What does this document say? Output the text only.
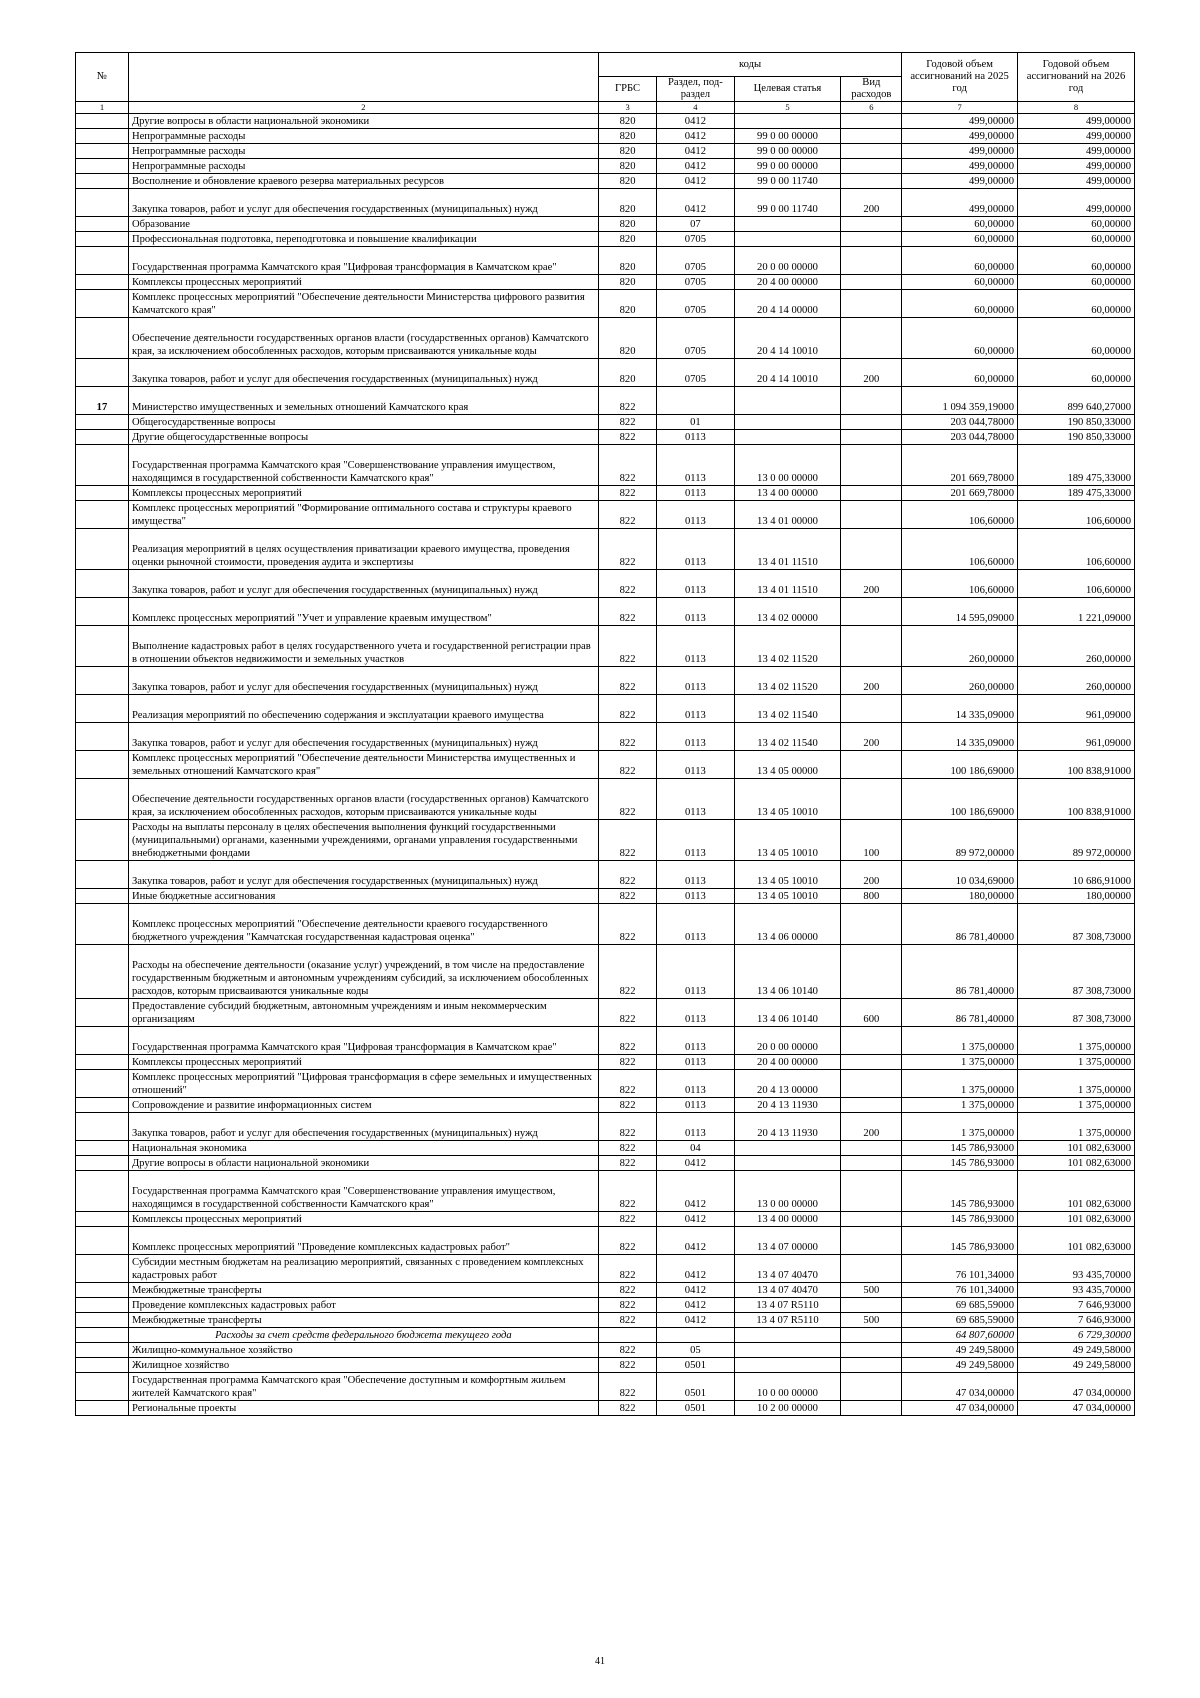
№		коды				Годовой объем ассигнований на 2025 год	Годовой объем ассигнований на 2026 год
		ГРБС	Раздел, под- раздел	Целевая статья	Вид расходов		
1	2	3	4	5	6	7	8
	Другие вопросы в области национальной экономики	820	0412			499,00000	499,00000
	Непрограммные расходы	820	0412	99 0 00 00000		499,00000	499,00000
	Непрограммные расходы	820	0412	99 0 00 00000		499,00000	499,00000
	Непрограммные расходы	820	0412	99 0 00 00000		499,00000	499,00000
	Восполнение и обновление краевого резерва материальных ресурсов	820	0412	99 0 00 11740		499,00000	499,00000
	Закупка товаров, работ и услуг для обеспечения государственных (муниципальных) нужд	820	0412	99 0 00 11740	200	499,00000	499,00000
	Образование	820	07			60,00000	60,00000
	Профессиональная подготовка, переподготовка и повышение квалификации	820	0705			60,00000	60,00000
	Государственная программа Камчатского края "Цифровая трансформация в Камчатском крае"	820	0705	20 0 00 00000		60,00000	60,00000
	Комплексы процессных мероприятий	820	0705	20 4 00 00000		60,00000	60,00000
	Комплекс процессных мероприятий "Обеспечение деятельности Министерства цифрового развития Камчатского края"	820	0705	20 4 14 00000		60,00000	60,00000
	Обеспечение деятельности государственных органов власти (государственных органов) Камчатского края, за исключением обособленных расходов, которым присваиваются уникальные коды	820	0705	20 4 14 10010		60,00000	60,00000
	Закупка товаров, работ и услуг для обеспечения государственных (муниципальных) нужд	820	0705	20 4 14 10010	200	60,00000	60,00000
17	Министерство имущественных и земельных отношений Камчатского края	822				1 094 359,19000	899 640,27000
	Общегосударственные вопросы	822	01			203 044,78000	190 850,33000
	Другие общегосударственные вопросы	822	0113			203 044,78000	190 850,33000
	Государственная программа Камчатского края "Совершенствование управления имуществом, находящимся в государственной собственности Камчатского края"	822	0113	13 0 00 00000		201 669,78000	189 475,33000
	Комплексы процессных мероприятий	822	0113	13 4 00 00000		201 669,78000	189 475,33000
	Комплекс процессных мероприятий "Формирование оптимального состава и структуры краевого имущества"	822	0113	13 4 01 00000		106,60000	106,60000
	Реализация мероприятий в целях осуществления приватизации краевого имущества, проведения оценки рыночной стоимости, проведения аудита и экспертизы	822	0113	13 4 01 11510		106,60000	106,60000
	Закупка товаров, работ и услуг для обеспечения государственных (муниципальных) нужд	822	0113	13 4 01 11510	200	106,60000	106,60000
	Комплекс процессных мероприятий "Учет и управление краевым имуществом"	822	0113	13 4 02 00000		14 595,09000	1 221,09000
	Выполнение кадастровых работ в целях государственного учета и государственной регистрации прав в отношении объектов недвижимости и земельных участков	822	0113	13 4 02 11520		260,00000	260,00000
	Закупка товаров, работ и услуг для обеспечения государственных (муниципальных) нужд	822	0113	13 4 02 11520	200	260,00000	260,00000
	Реализация мероприятий по обеспечению содержания и эксплуатации краевого имущества	822	0113	13 4 02 11540		14 335,09000	961,09000
	Закупка товаров, работ и услуг для обеспечения государственных (муниципальных) нужд	822	0113	13 4 02 11540	200	14 335,09000	961,09000
	Комплекс процессных мероприятий "Обеспечение деятельности Министерства имущественных и земельных отношений Камчатского края"	822	0113	13 4 05 00000		100 186,69000	100 838,91000
	Обеспечение деятельности государственных органов власти (государственных органов) Камчатского края, за исключением обособленных расходов, которым присваиваются уникальные коды	822	0113	13 4 05 10010		100 186,69000	100 838,91000
	Расходы на выплаты персоналу в целях обеспечения выполнения функций государственными (муниципальными) органами, казенными учреждениями, органами управления государственными внебюджетными фондами	822	0113	13 4 05 10010	100	89 972,00000	89 972,00000
	Закупка товаров, работ и услуг для обеспечения государственных (муниципальных) нужд	822	0113	13 4 05 10010	200	10 034,69000	10 686,91000
	Иные бюджетные ассигнования	822	0113	13 4 05 10010	800	180,00000	180,00000
	Комплекс процессных мероприятий "Обеспечение деятельности краевого государственного бюджетного учреждения "Камчатская государственная кадастровая оценка"	822	0113	13 4 06 00000		86 781,40000	87 308,73000
	Расходы на обеспечение деятельности (оказание услуг) учреждений, в том числе на предоставление государственным бюджетным и автономным учреждениям субсидий, за исключением обособленных расходов, которым присваиваются уникальные коды	822	0113	13 4 06 10140		86 781,40000	87 308,73000
	Предоставление субсидий бюджетным, автономным учреждениям и иным некоммерческим организациям	822	0113	13 4 06 10140	600	86 781,40000	87 308,73000
	Государственная программа Камчатского края "Цифровая трансформация в Камчатском крае"	822	0113	20 0 00 00000		1 375,00000	1 375,00000
	Комплексы процессных мероприятий	822	0113	20 4 00 00000		1 375,00000	1 375,00000
	Комплекс процессных мероприятий "Цифровая трансформация в сфере земельных и имущественных отношений"	822	0113	20 4 13 00000		1 375,00000	1 375,00000
	Сопровождение и развитие информационных систем	822	0113	20 4 13 11930		1 375,00000	1 375,00000
	Закупка товаров, работ и услуг для обеспечения государственных (муниципальных) нужд	822	0113	20 4 13 11930	200	1 375,00000	1 375,00000
	Национальная экономика	822	04			145 786,93000	101 082,63000
	Другие вопросы в области национальной экономики	822	0412			145 786,93000	101 082,63000
	Государственная программа Камчатского края "Совершенствование управления имуществом, находящимся в государственной собственности Камчатского края"	822	0412	13 0 00 00000		145 786,93000	101 082,63000
	Комплексы процессных мероприятий	822	0412	13 4 00 00000		145 786,93000	101 082,63000
	Комплекс процессных мероприятий "Проведение комплексных кадастровых работ"	822	0412	13 4 07 00000		145 786,93000	101 082,63000
	Субсидии местным бюджетам на реализацию мероприятий, связанных с проведением комплексных кадастровых работ	822	0412	13 4 07 40470		76 101,34000	93 435,70000
	Межбюджетные трансферты	822	0412	13 4 07 40470	500	76 101,34000	93 435,70000
	Проведение комплексных кадастровых работ	822	0412	13 4 07 R5110		69 685,59000	7 646,93000
	Межбюджетные трансферты	822	0412	13 4 07 R5110	500	69 685,59000	7 646,93000
	Расходы за счет средств федерального бюджета текущего года					64 807,60000	6 729,30000
	Жилищно-коммунальное хозяйство	822	05			49 249,58000	49 249,58000
	Жилищное хозяйство	822	0501			49 249,58000	49 249,58000
	Государственная программа Камчатского края "Обеспечение доступным и комфортным жильем жителей Камчатского края"	822	0501	10 0 00 00000		47 034,00000	47 034,00000
	Региональные проекты	822	0501	10 2 00 00000		47 034,00000	47 034,00000
41
